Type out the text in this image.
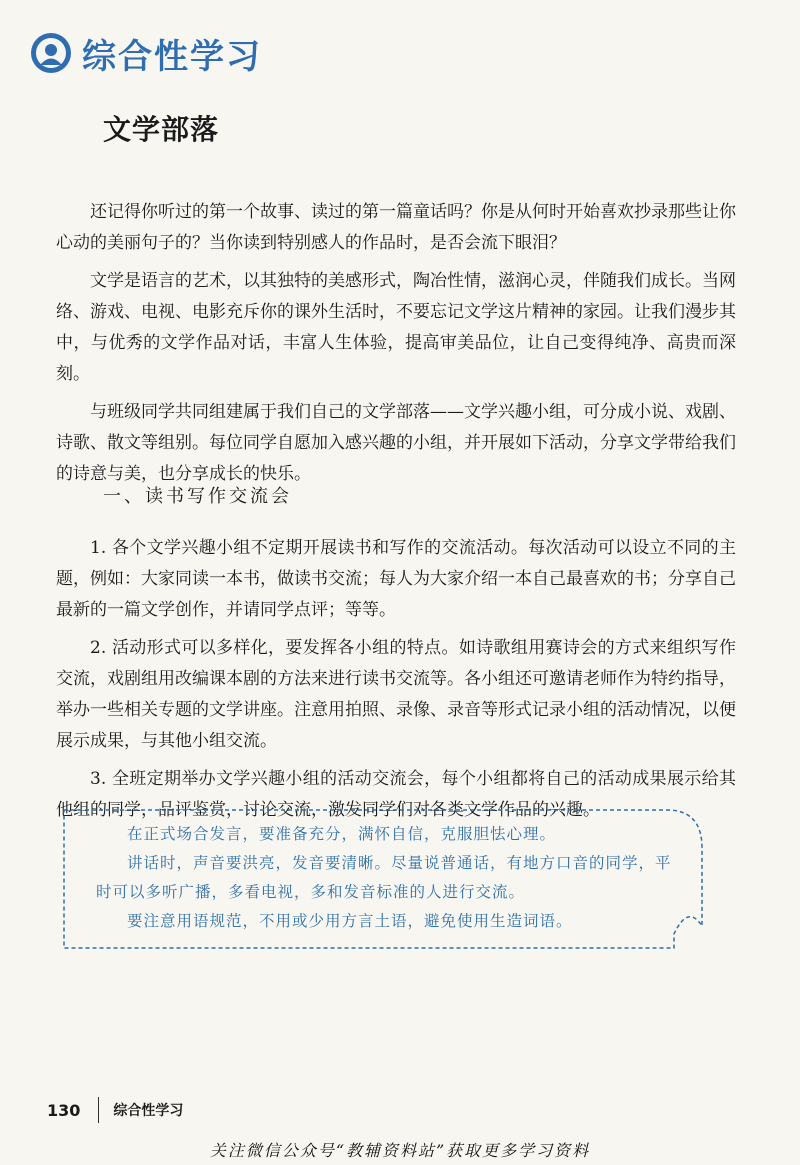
综合性学习
文学部落

还记得你听过的第一个故事、读过的第一篇童话吗？你是从何时开始喜欢抄录那些让你心动的美丽句子的？当你读到特别感人的作品时，是否会流下眼泪？

文学是语言的艺术，以其独特的美感形式，陶冶性情，滋润心灵，伴随我们成长。当网络、游戏、电视、电影充斥你的课外生活时，不要忘记文学这片精神的家园。让我们漫步其中，与优秀的文学作品对话，丰富人生体验，提高审美品位，让自己变得纯净、高贵而深刻。

与班级同学共同组建属于我们自己的文学部落——文学兴趣小组，可分成小说、戏剧、诗歌、散文等组别。每位同学自愿加入感兴趣的小组，并开展如下活动，分享文学带给我们的诗意与美，也分享成长的快乐。

一、读书写作交流会

1. 各个文学兴趣小组不定期开展读书和写作的交流活动。每次活动可以设立不同的主题，例如：大家同读一本书，做读书交流；每人为大家介绍一本自己最喜欢的书；分享自己最新的一篇文学创作，并请同学点评；等等。

2. 活动形式可以多样化，要发挥各小组的特点。如诗歌组用赛诗会的方式来组织写作交流，戏剧组用改编课本剧的方法来进行读书交流等。各小组还可邀请老师作为特约指导，举办一些相关专题的文学讲座。注意用拍照、录像、录音等形式记录小组的活动情况，以便展示成果，与其他小组交流。

3. 全班定期举办文学兴趣小组的活动交流会，每个小组都将自己的活动成果展示给其他组的同学，品评鉴赏，讨论交流，激发同学们对各类文学作品的兴趣。

在正式场合发言，要准备充分，满怀自信，克服胆怯心理。

讲话时，声音要洪亮，发音要清晰。尽量说普通话，有地方口音的同学，平时可以多听广播，多看电视，多和发音标准的人进行交流。

要注意用语规范，不用或少用方言土语，避免使用生造词语。

130 综合性学习
关注微信公众号“教辅资料站”获取更多学习资料
